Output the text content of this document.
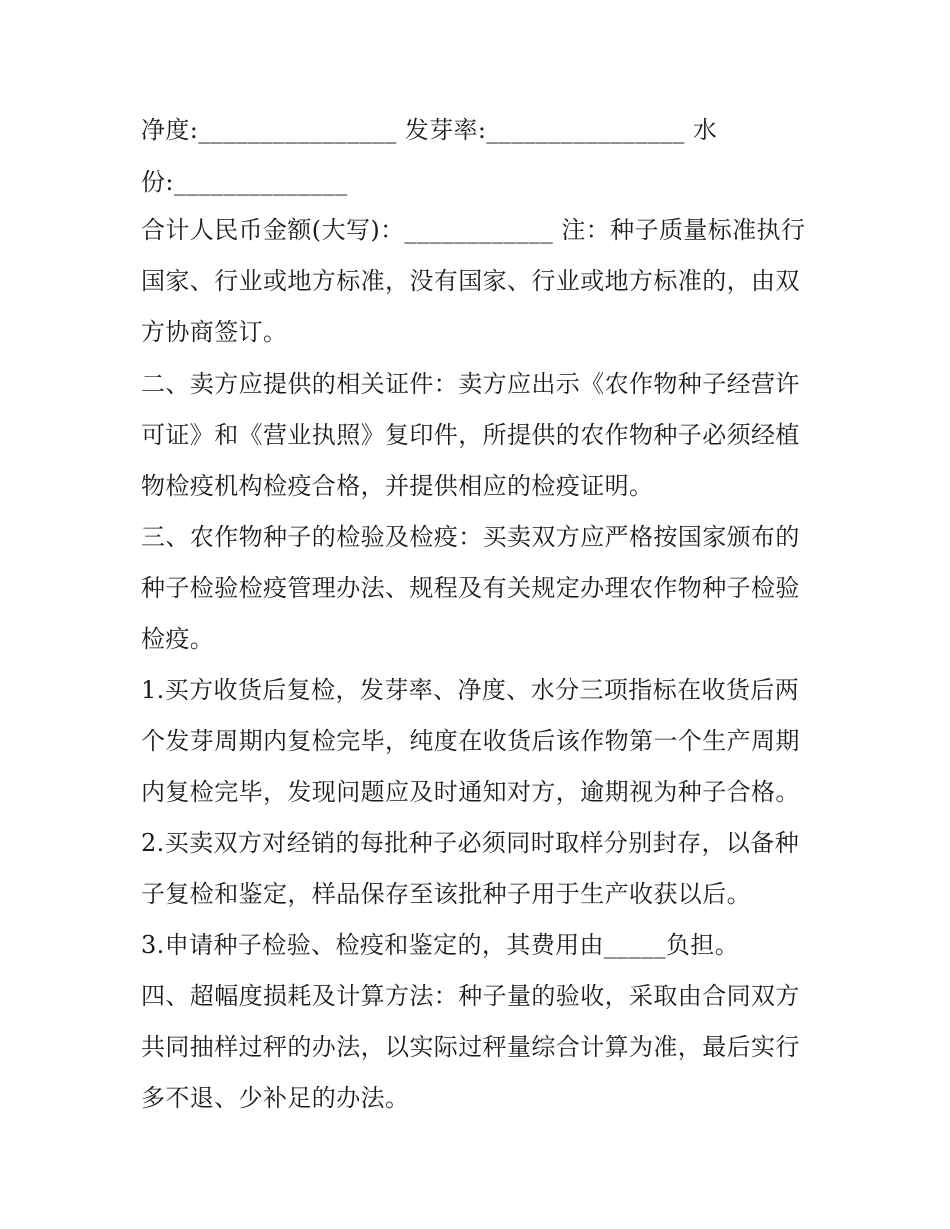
净度:________________ 发芽率:________________ 水
份:______________
合计人民币金额(大写)：____________ 注：种子质量标准执行
国家、行业或地方标准，没有国家、行业或地方标准的，由双
方协商签订。
二、卖方应提供的相关证件：卖方应出示《农作物种子经营许
可证》和《营业执照》复印件，所提供的农作物种子必须经植
物检疫机构检疫合格，并提供相应的检疫证明。
三、农作物种子的检验及检疫：买卖双方应严格按国家颁布的
种子检验检疫管理办法、规程及有关规定办理农作物种子检验
检疫。
1.买方收货后复检，发芽率、净度、水分三项指标在收货后两
个发芽周期内复检完毕，纯度在收货后该作物第一个生产周期
内复检完毕，发现问题应及时通知对方，逾期视为种子合格。
2.买卖双方对经销的每批种子必须同时取样分别封存，以备种
子复检和鉴定，样品保存至该批种子用于生产收获以后。
3.申请种子检验、检疫和鉴定的，其费用由_____负担。
四、超幅度损耗及计算方法：种子量的验收，采取由合同双方
共同抽样过秤的办法，以实际过秤量综合计算为准，最后实行
多不退、少补足的办法。
